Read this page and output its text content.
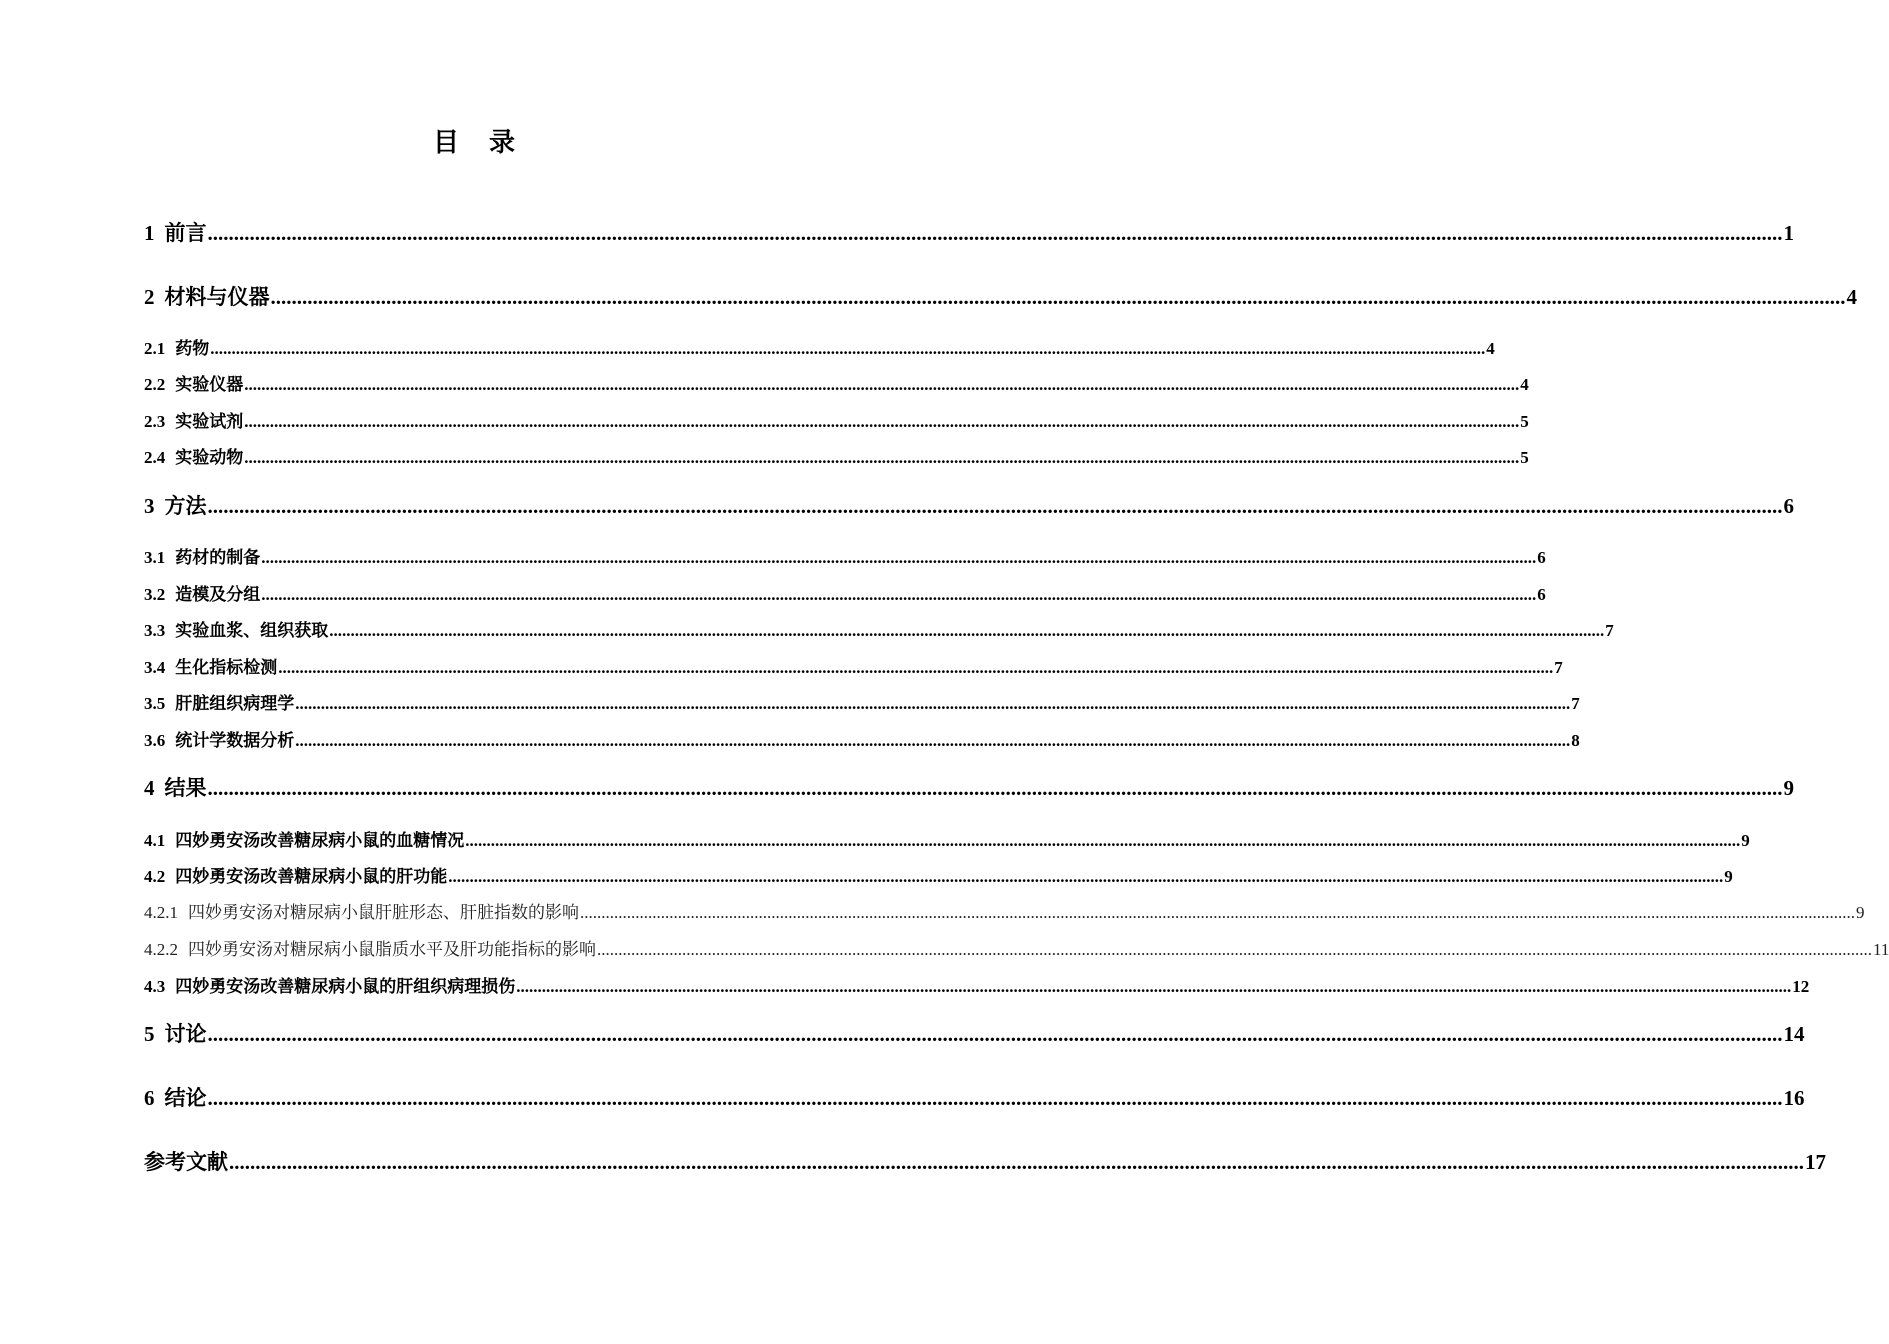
目　录
1 前言 ............................................................................................................................................................................................................................................................................................................ 1
2 材料与仪器 ............................................................................................................................................................................................................................................................................................................ 4
2.1 药物 ............................................................................................................................................................................................................................................................................................................ 4
2.2 实验仪器 ............................................................................................................................................................................................................................................................................................................ 4
2.3 实验试剂 ............................................................................................................................................................................................................................................................................................................ 5
2.4 实验动物 ............................................................................................................................................................................................................................................................................................................ 5
3 方法 ............................................................................................................................................................................................................................................................................................................ 6
3.1 药材的制备 ............................................................................................................................................................................................................................................................................................................ 6
3.2 造模及分组 ............................................................................................................................................................................................................................................................................................................ 6
3.3 实验血浆、组织获取 ............................................................................................................................................................................................................................................................................................................ 7
3.4 生化指标检测 ............................................................................................................................................................................................................................................................................................................ 7
3.5 肝脏组织病理学 ............................................................................................................................................................................................................................................................................................................ 7
3.6 统计学数据分析 ............................................................................................................................................................................................................................................................................................................ 8
4 结果 ............................................................................................................................................................................................................................................................................................................ 9
4.1 四妙勇安汤改善糖尿病小鼠的血糖情况 ............................................................................................................................................................................................................................................................................................................ 9
4.2 四妙勇安汤改善糖尿病小鼠的肝功能 ............................................................................................................................................................................................................................................................................................................ 9
4.2.1 四妙勇安汤对糖尿病小鼠肝脏形态、肝脏指数的影响 ............................................................................................................................................................................................................................................................................................................ 9
4.2.2 四妙勇安汤对糖尿病小鼠脂质水平及肝功能指标的影响 ............................................................................................................................................................................................................................................................................................................ 11
4.3 四妙勇安汤改善糖尿病小鼠的肝组织病理损伤 ............................................................................................................................................................................................................................................................................................................ 12
5 讨论 ............................................................................................................................................................................................................................................................................................................ 14
6 结论 ............................................................................................................................................................................................................................................................................................................ 16
参考文献 ............................................................................................................................................................................................................................................................................................................ 17
